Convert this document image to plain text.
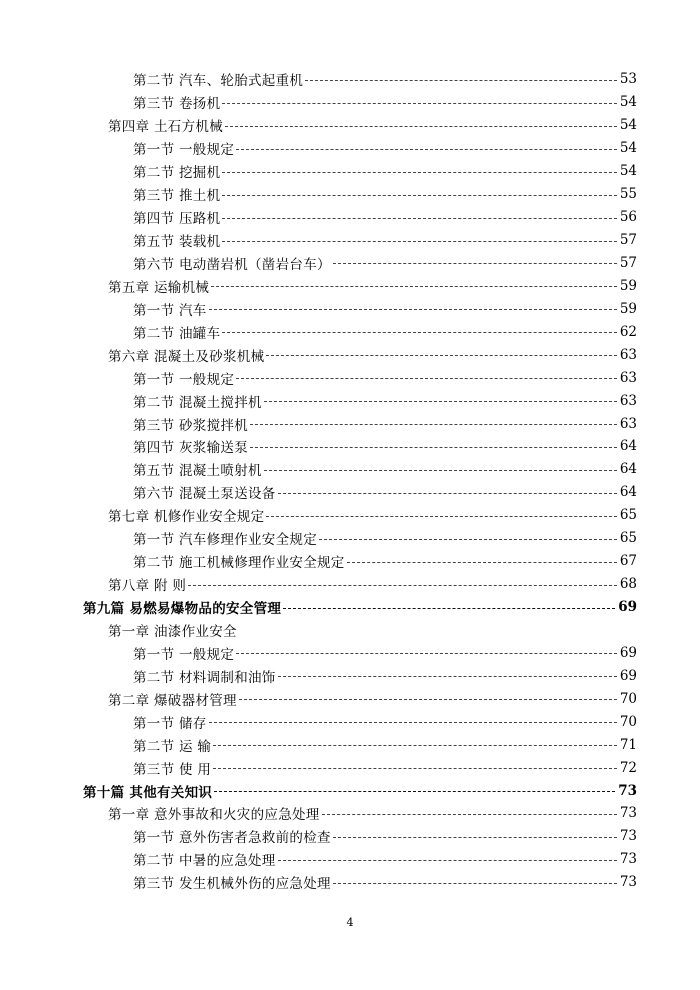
第二节 汽车、轮胎式起重机	53
第三节 卷扬机	54
第四章 土石方机械	54
第一节 一般规定	54
第二节 挖掘机	54
第三节 推土机	55
第四节 压路机	56
第五节 装载机	57
第六节 电动凿岩机（凿岩台车）	57
第五章 运输机械	59
第一节 汽车	59
第二节 油罐车	62
第六章 混凝土及砂浆机械	63
第一节 一般规定	63
第二节 混凝土搅拌机	63
第三节 砂浆搅拌机	63
第四节 灰浆输送泵	64
第五节 混凝土喷射机	64
第六节 混凝土泵送设备	64
第七章 机修作业安全规定	65
第一节 汽车修理作业安全规定	65
第二节 施工机械修理作业安全规定	67
第八章 附 则	68
第九篇 易燃易爆物品的安全管理	69
第一章 油漆作业安全
第一节 一般规定	69
第二节 材料调制和油饰	69
第二章 爆破器材管理	70
第一节 储存	70
第二节 运 输	71
第三节 使 用	72
第十篇 其他有关知识	73
第一章 意外事故和火灾的应急处理	73
第一节 意外伤害者急救前的检查	73
第二节 中暑的应急处理	73
第三节 发生机械外伤的应急处理	73
4
